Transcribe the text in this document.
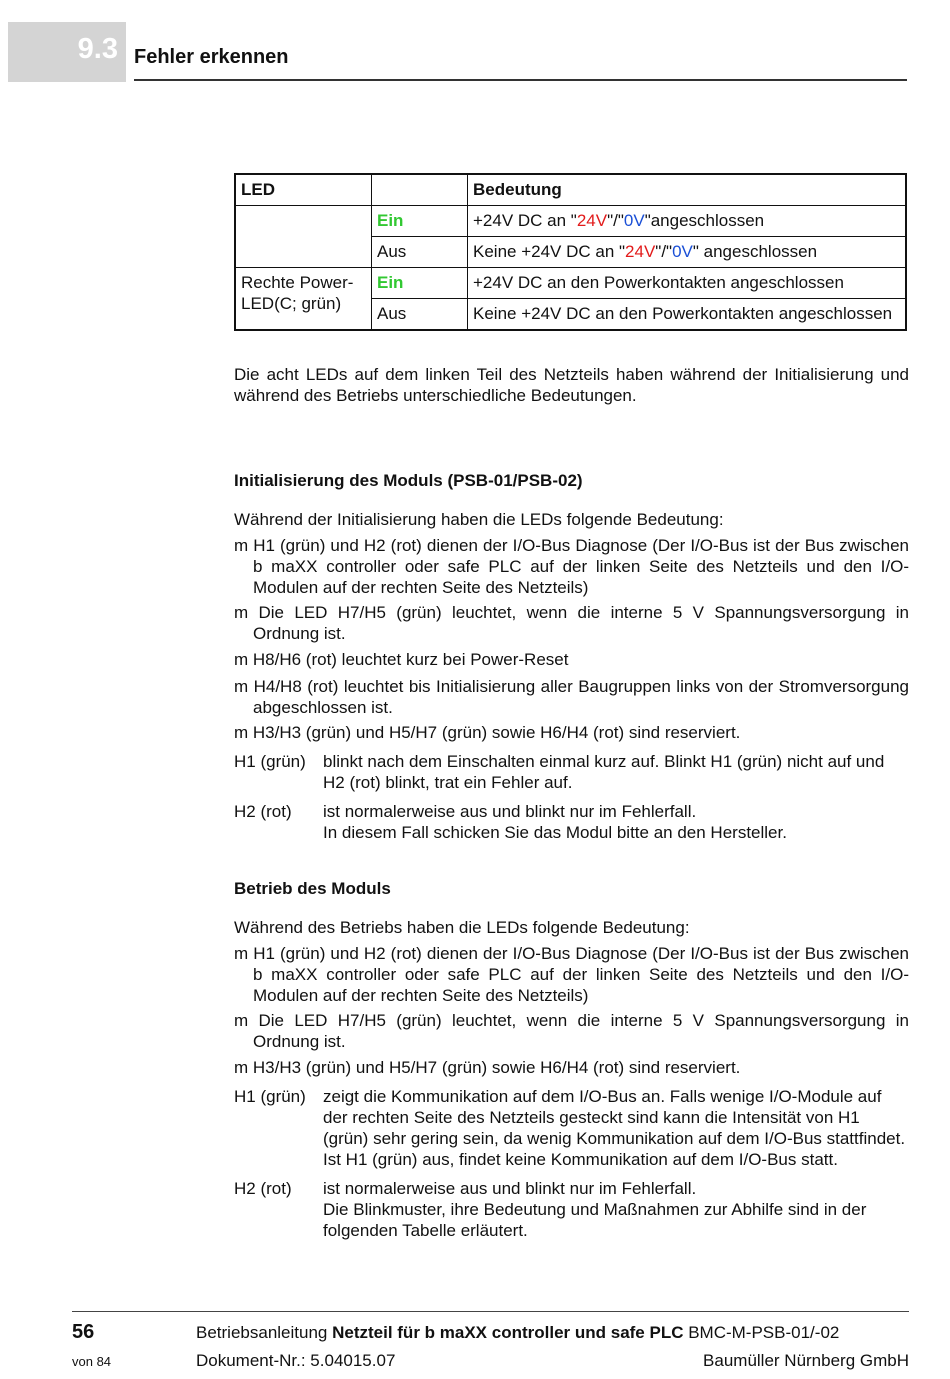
9.3 Fehler erkennen
LED		Bedeutung
	Ein	+24V DC an "24V"/"0V"angeschlossen
	Aus	Keine +24V DC an "24V"/"0V" angeschlossen
Rechte Power-LED(C; grün)	Ein	+24V DC an den Powerkontakten angeschlossen
	Aus	Keine +24V DC an den Powerkontakten angeschlossen
Die acht LEDs auf dem linken Teil des Netzteils haben während der Initialisierung und während des Betriebs unterschiedliche Bedeutungen.
Initialisierung des Moduls (PSB-01/PSB-02)
Während der Initialisierung haben die LEDs folgende Bedeutung:
m H1 (grün) und H2 (rot) dienen der I/O-Bus Diagnose (Der I/O-Bus ist der Bus zwischen b maXX controller oder safe PLC auf der linken Seite des Netzteils und den I/O-Modulen auf der rechten Seite des Netzteils)
m Die LED H7/H5 (grün) leuchtet, wenn die interne 5 V Spannungsversorgung in Ordnung ist.
m H8/H6 (rot) leuchtet kurz bei Power-Reset
m H4/H8 (rot) leuchtet bis Initialisierung aller Baugruppen links von der Stromversorgung abgeschlossen ist.
m H3/H3 (grün) und H5/H7 (grün) sowie H6/H4 (rot) sind reserviert.
H1 (grün) blinkt nach dem Einschalten einmal kurz auf. Blinkt H1 (grün) nicht auf und H2 (rot) blinkt, trat ein Fehler auf.
H2 (rot) ist normalerweise aus und blinkt nur im Fehlerfall.
In diesem Fall schicken Sie das Modul bitte an den Hersteller.
Betrieb des Moduls
Während des Betriebs haben die LEDs folgende Bedeutung:
m H1 (grün) und H2 (rot) dienen der I/O-Bus Diagnose (Der I/O-Bus ist der Bus zwischen b maXX controller oder safe PLC auf der linken Seite des Netzteils und den I/O-Modulen auf der rechten Seite des Netzteils)
m Die LED H7/H5 (grün) leuchtet, wenn die interne 5 V Spannungsversorgung in Ordnung ist.
m H3/H3 (grün) und H5/H7 (grün) sowie H6/H4 (rot) sind reserviert.
H1 (grün) zeigt die Kommunikation auf dem I/O-Bus an. Falls wenige I/O-Module auf der rechten Seite des Netzteils gesteckt sind kann die Intensität von H1 (grün) sehr gering sein, da wenig Kommunikation auf dem I/O-Bus stattfindet.
Ist H1 (grün) aus, findet keine Kommunikation auf dem I/O-Bus statt.
H2 (rot) ist normalerweise aus und blinkt nur im Fehlerfall.
Die Blinkmuster, ihre Bedeutung und Maßnahmen zur Abhilfe sind in der folgenden Tabelle erläutert.
56
von 84
Betriebsanleitung Netzteil für b maXX controller und safe PLC BMC-M-PSB-01/-02
Dokument-Nr.: 5.04015.07	Baumüller Nürnberg GmbH
